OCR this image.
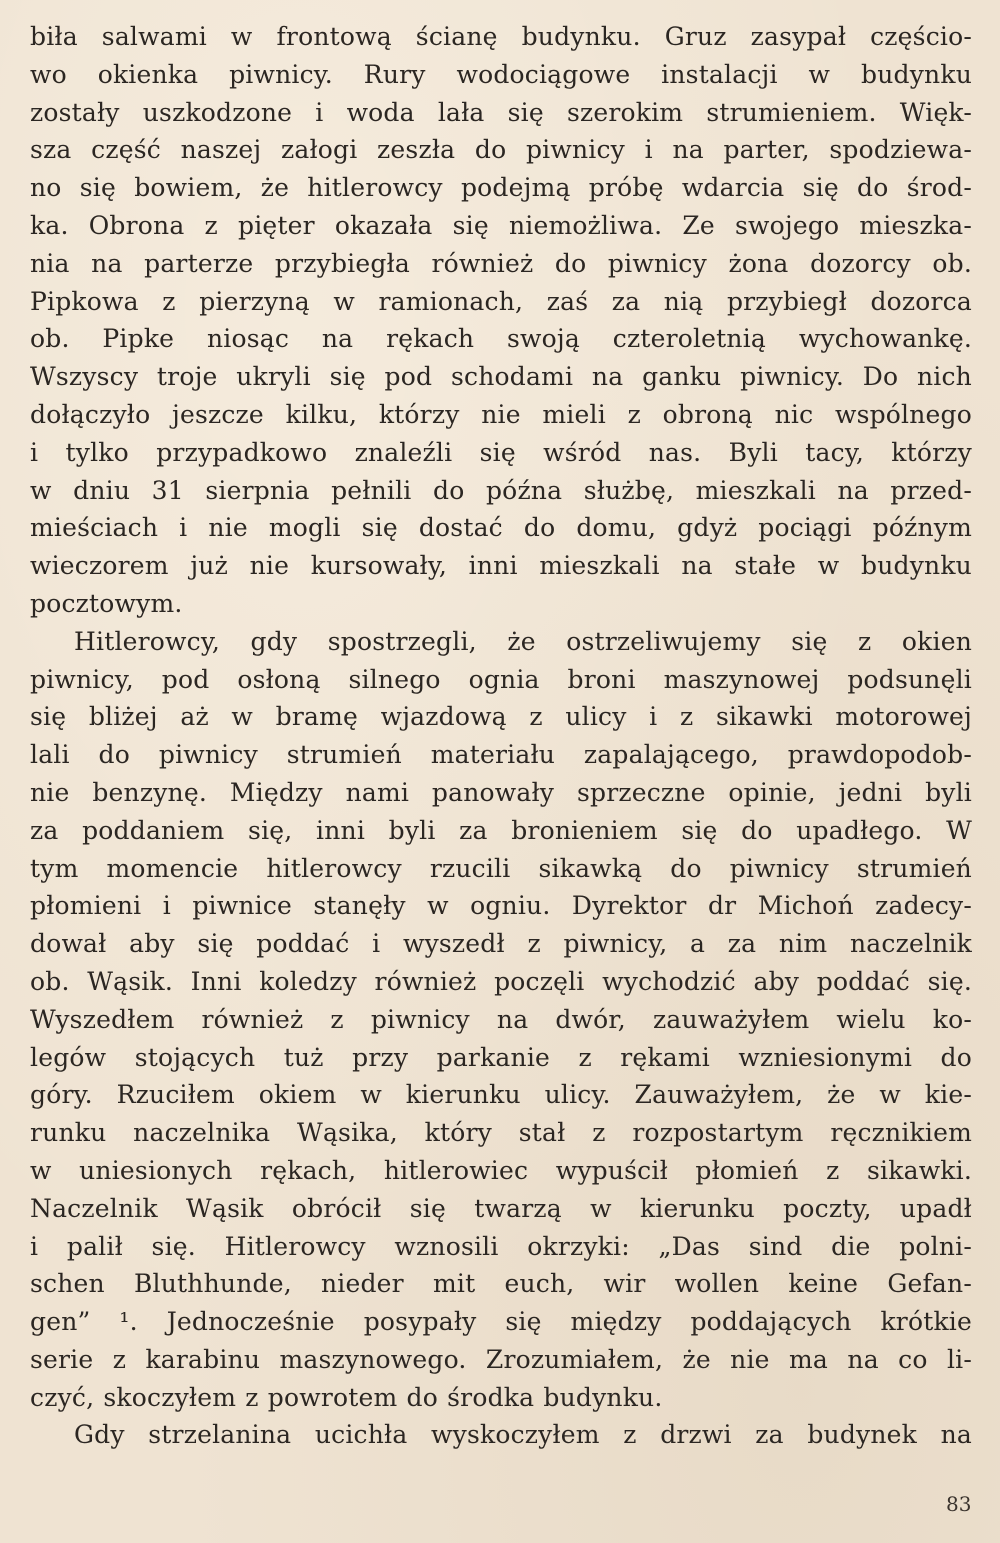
biła salwami w frontową ścianę budynku. Gruz zasypał częścio-
wo okienka piwnicy. Rury wodociągowe instalacji w budynku
zostały uszkodzone i woda lała się szerokim strumieniem. Więk-
sza część naszej załogi zeszła do piwnicy i na parter, spodziewa-
no się bowiem, że hitlerowcy podejmą próbę wdarcia się do środ-
ka. Obrona z pięter okazała się niemożliwa. Ze swojego mieszka-
nia na parterze przybiegła również do piwnicy żona dozorcy ob.
Pipkowa z pierzyną w ramionach, zaś za nią przybiegł dozorca
ob. Pipke niosąc na rękach swoją czteroletnią wychowankę.
Wszyscy troje ukryli się pod schodami na ganku piwnicy. Do nich
dołączyło jeszcze kilku, którzy nie mieli z obroną nic wspólnego
i tylko przypadkowo znaleźli się wśród nas. Byli tacy, którzy
w dniu 31 sierpnia pełnili do późna służbę, mieszkali na przed-
mieściach i nie mogli się dostać do domu, gdyż pociągi późnym
wieczorem już nie kursowały, inni mieszkali na stałe w budynku
pocztowym.
Hitlerowcy, gdy spostrzegli, że ostrzeliwujemy się z okien
piwnicy, pod osłoną silnego ognia broni maszynowej podsunęli
się bliżej aż w bramę wjazdową z ulicy i z sikawki motorowej
lali do piwnicy strumień materiału zapalającego, prawdopodob-
nie benzynę. Między nami panowały sprzeczne opinie, jedni byli
za poddaniem się, inni byli za bronieniem się do upadłego. W
tym momencie hitlerowcy rzucili sikawką do piwnicy strumień
płomieni i piwnice stanęły w ogniu. Dyrektor dr Michoń zadecy-
dował aby się poddać i wyszedł z piwnicy, a za nim naczelnik
ob. Wąsik. Inni koledzy również poczęli wychodzić aby poddać się.
Wyszedłem również z piwnicy na dwór, zauważyłem wielu ko-
legów stojących tuż przy parkanie z rękami wzniesionymi do
góry. Rzuciłem okiem w kierunku ulicy. Zauważyłem, że w kie-
runku naczelnika Wąsika, który stał z rozpostartym ręcznikiem
w uniesionych rękach, hitlerowiec wypuścił płomień z sikawki.
Naczelnik Wąsik obrócił się twarzą w kierunku poczty, upadł
i palił się. Hitlerowcy wznosili okrzyki: „Das sind die polni-
schen Bluthhunde, nieder mit euch, wir wollen keine Gefan-
gen” ¹. Jednocześnie posypały się między poddających krótkie
serie z karabinu maszynowego. Zrozumiałem, że nie ma na co li-
czyć, skoczyłem z powrotem do środka budynku.
Gdy strzelanina ucichła wyskoczyłem z drzwi za budynek na
83
